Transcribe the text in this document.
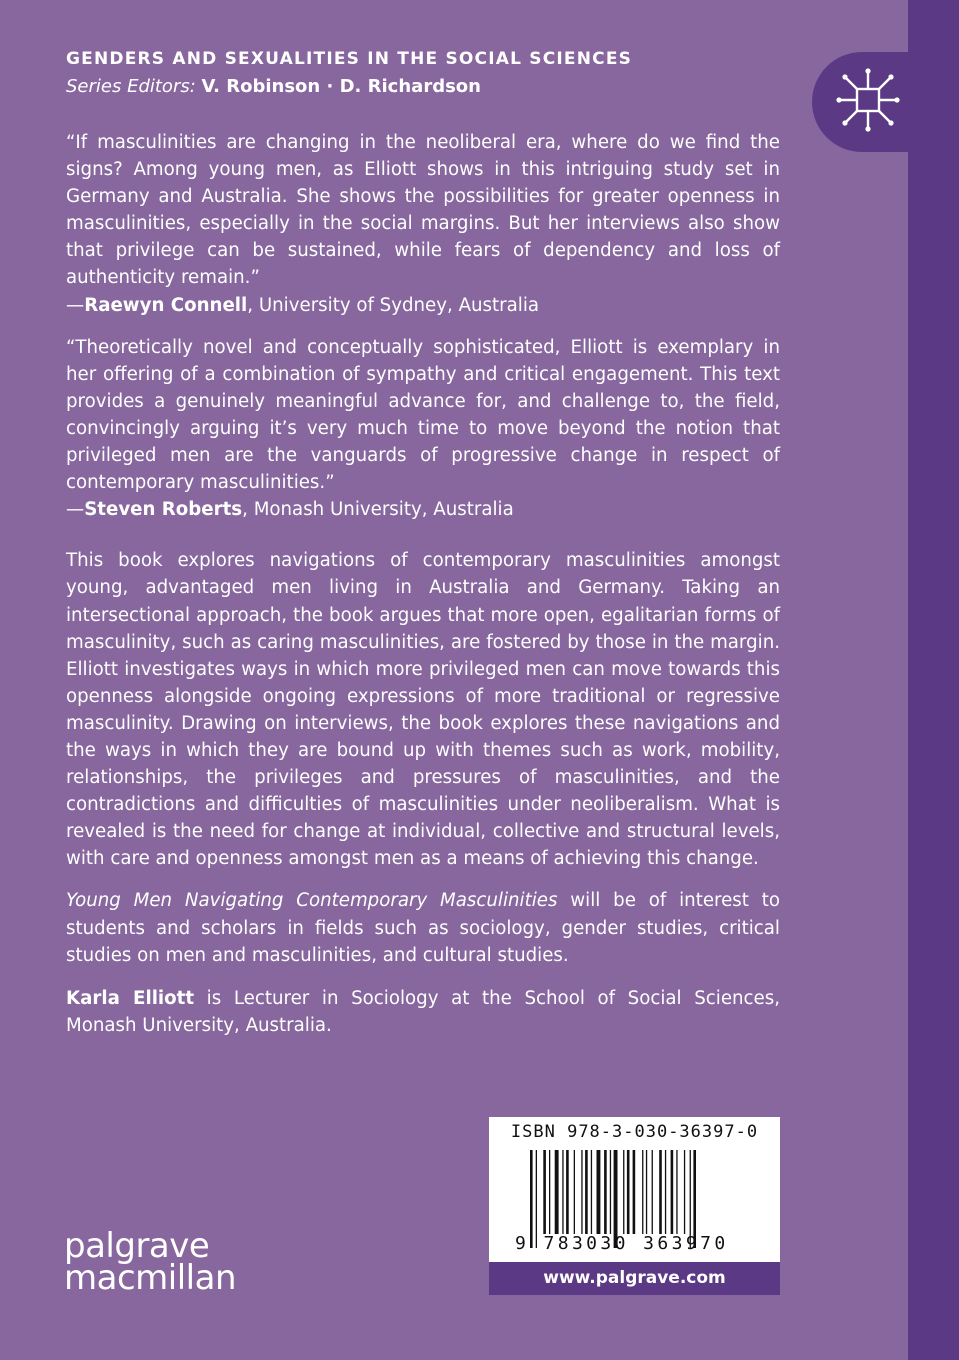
GENDERS AND SEXUALITIES IN THE SOCIAL SCIENCES
Series Editors: V. Robinson · D. Richardson

“If masculinities are changing in the neoliberal era, where do we find the signs? Among young men, as Elliott shows in this intriguing study set in Germany and Australia. She shows the possibilities for greater openness in masculinities, especially in the social margins. But her interviews also show that privilege can be sustained, while fears of dependency and loss of authenticity remain.”

—Raewyn Connell, University of Sydney, Australia

“Theoretically novel and conceptually sophisticated, Elliott is exemplary in her offering of a combination of sympathy and critical engagement. This text provides a genuinely meaningful advance for, and challenge to, the field, convincingly arguing it’s very much time to move beyond the notion that privileged men are the vanguards of progressive change in respect of contemporary masculinities.”

—Steven Roberts, Monash University, Australia

This book explores navigations of contemporary masculinities amongst young, advantaged men living in Australia and Germany. Taking an intersectional approach, the book argues that more open, egalitarian forms of masculinity, such as caring masculinities, are fostered by those in the margin. Elliott investigates ways in which more privileged men can move towards this openness alongside ongoing expressions of more traditional or regressive masculinity. Drawing on interviews, the book explores these navigations and the ways in which they are bound up with themes such as work, mobility, relationships, the privileges and pressures of masculinities, and the contradictions and difficulties of masculinities under neoliberalism. What is revealed is the need for change at individual, collective and structural levels, with care and openness amongst men as a means of achieving this change.

Young Men Navigating Contemporary Masculinities will be of interest to students and scholars in fields such as sociology, gender studies, critical studies on men and masculinities, and cultural studies.

Karla Elliott is Lecturer in Sociology at the School of Social Sciences, Monash University, Australia.

palgrave
macmillan
ISBN 978-3-030-36397-0
9 783030 363970
www.palgrave.com
